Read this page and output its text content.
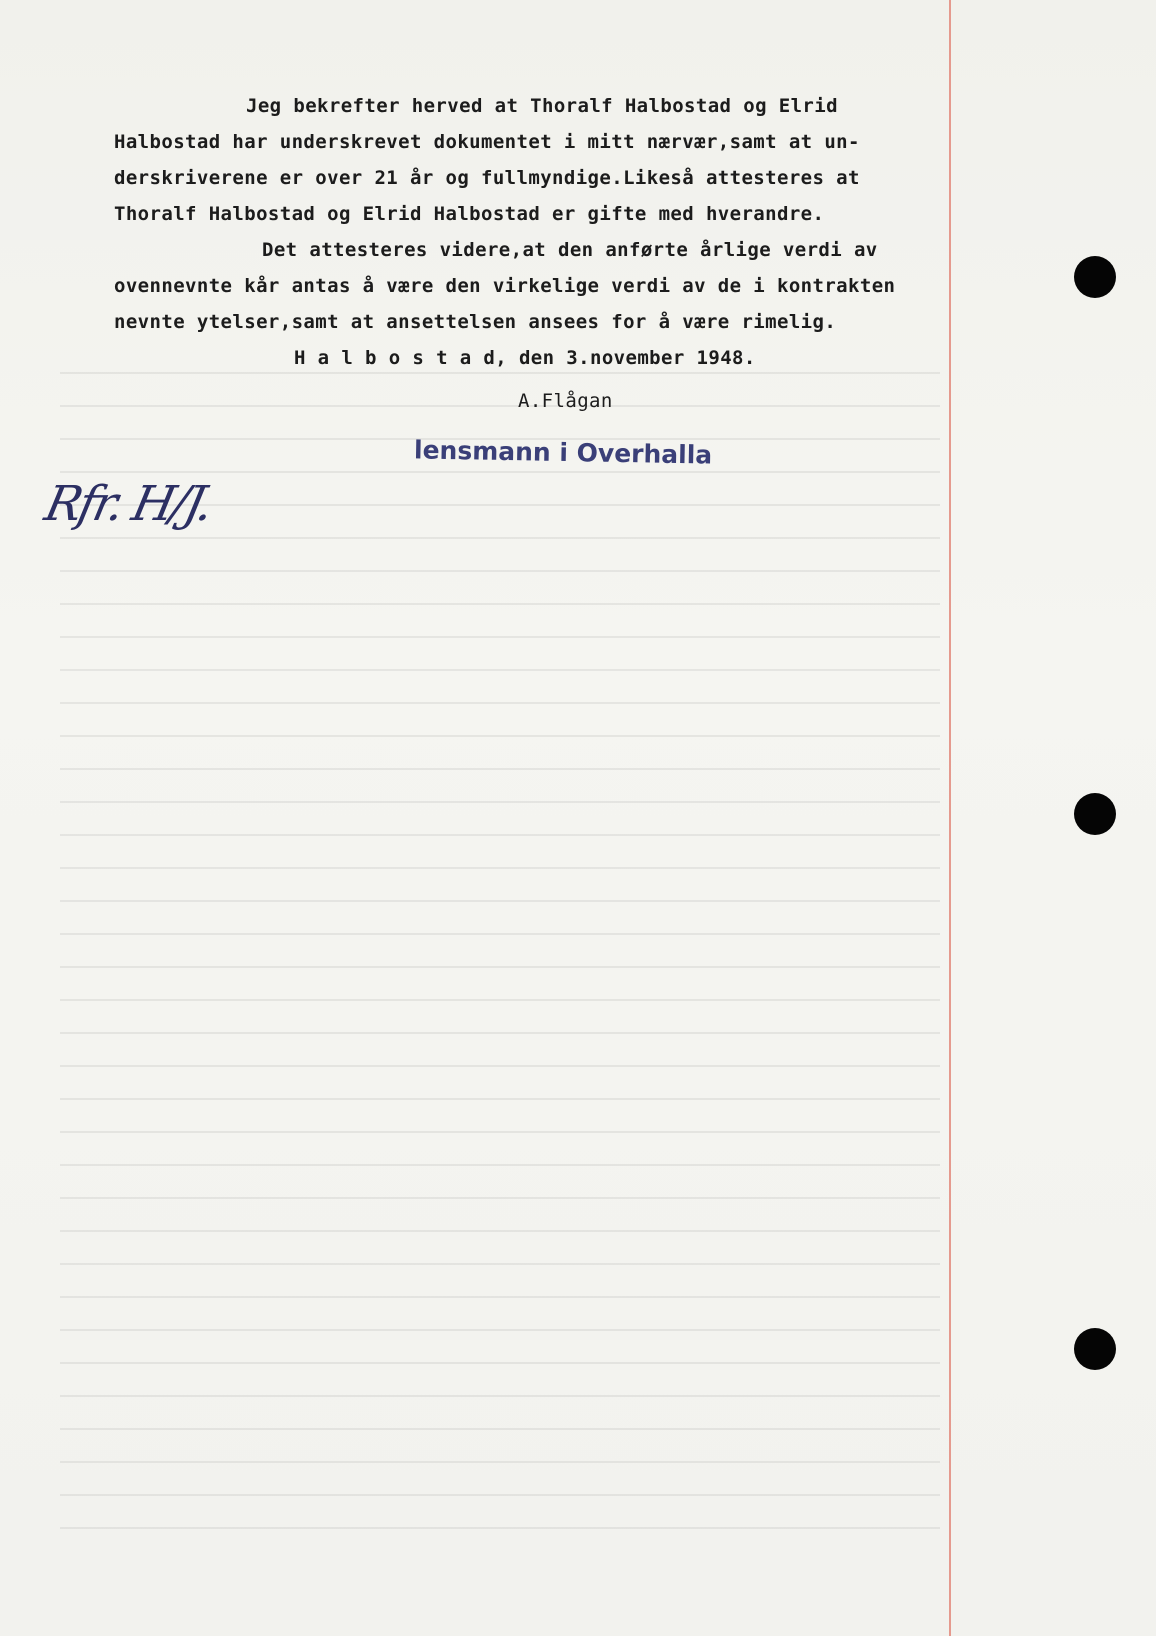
Jeg bekrefter herved at Thoralf Halbostad og Elrid

Halbostad har underskrevet dokumentet i mitt nærvær,samt at un-

derskriverene er over 21 år og fullmyndige.Likeså attesteres at

Thoralf Halbostad og Elrid Halbostad er gifte med hverandre.

Det attesteres videre,at den anførte årlige verdi av

ovennevnte kår antas å være den virkelige verdi av de i kontrakten

nevnte ytelser,samt at ansettelsen ansees for å være rimelig.

H a l b o s t a d, den 3.november 1948.

A.Flågan

lensmann i Overhalla
Rfr. H/J.
